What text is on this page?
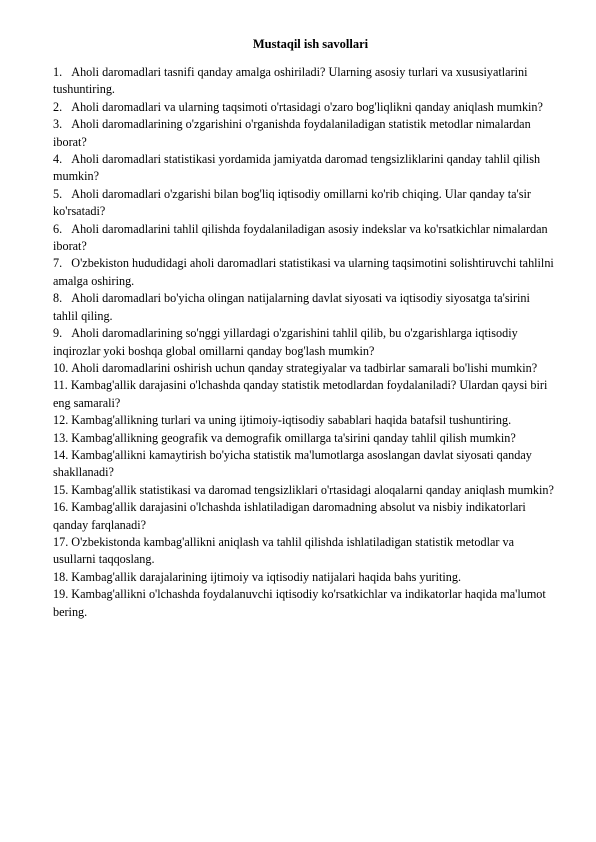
Mustaqil ish savollari
1.   Aholi daromadlari tasnifi qanday amalga oshiriladi? Ularning asosiy turlari va xususiyatlarini tushuntiring.
2.   Aholi daromadlari va ularning taqsimoti o'rtasidagi o'zaro bog'liqlikni qanday aniqlash mumkin?
3.   Aholi daromadlarining o'zgarishini o'rganishda foydalaniladigan statistik metodlar nimalardan iborat?
4.   Aholi daromadlari statistikasi yordamida jamiyatda daromad tengsizliklarini qanday tahlil qilish mumkin?
5.   Aholi daromadlari o'zgarishi bilan bog'liq iqtisodiy omillarni ko'rib chiqing. Ular qanday ta'sir ko'rsatadi?
6.   Aholi daromadlarini tahlil qilishda foydalaniladigan asosiy indekslar va ko'rsatkichlar nimalardan iborat?
7.   O'zbekiston hududidagi aholi daromadlari statistikasi va ularning taqsimotini solishtiruvchi tahlilni amalga oshiring.
8.   Aholi daromadlari bo'yicha olingan natijalarning davlat siyosati va iqtisodiy siyosatga ta'sirini tahlil qiling.
9.   Aholi daromadlarining so'nggi yillardagi o'zgarishini tahlil qilib, bu o'zgarishlarga iqtisodiy inqirozlar yoki boshqa global omillarni qanday bog'lash mumkin?
10. Aholi daromadlarini oshirish uchun qanday strategiyalar va tadbirlar samarali bo'lishi mumkin?
11. Kambag'allik darajasini o'lchashda qanday statistik metodlardan foydalaniladi? Ulardan qaysi biri eng samarali?
12. Kambag'allikning turlari va uning ijtimoiy-iqtisodiy sabablari haqida batafsil tushuntiring.
13. Kambag'allikning geografik va demografik omillarga ta'sirini qanday tahlil qilish mumkin?
14. Kambag'allikni kamaytirish bo'yicha statistik ma'lumotlarga asoslangan davlat siyosati qanday shakllanadi?
15. Kambag'allik statistikasi va daromad tengsizliklari o'rtasidagi aloqalarni qanday aniqlash mumkin?
16. Kambag'allik darajasini o'lchashda ishlatiladigan daromadning absolut va nisbiy indikatorlari qanday farqlanadi?
17. O'zbekistonda kambag'allikni aniqlash va tahlil qilishda ishlatiladigan statistik metodlar va usullarni taqqoslang.
18. Kambag'allik darajalarining ijtimoiy va iqtisodiy natijalari haqida bahs yuriting.
19. Kambag'allikni o'lchashda foydalanuvchi iqtisodiy ko'rsatkichlar va indikatorlar haqida ma'lumot bering.
